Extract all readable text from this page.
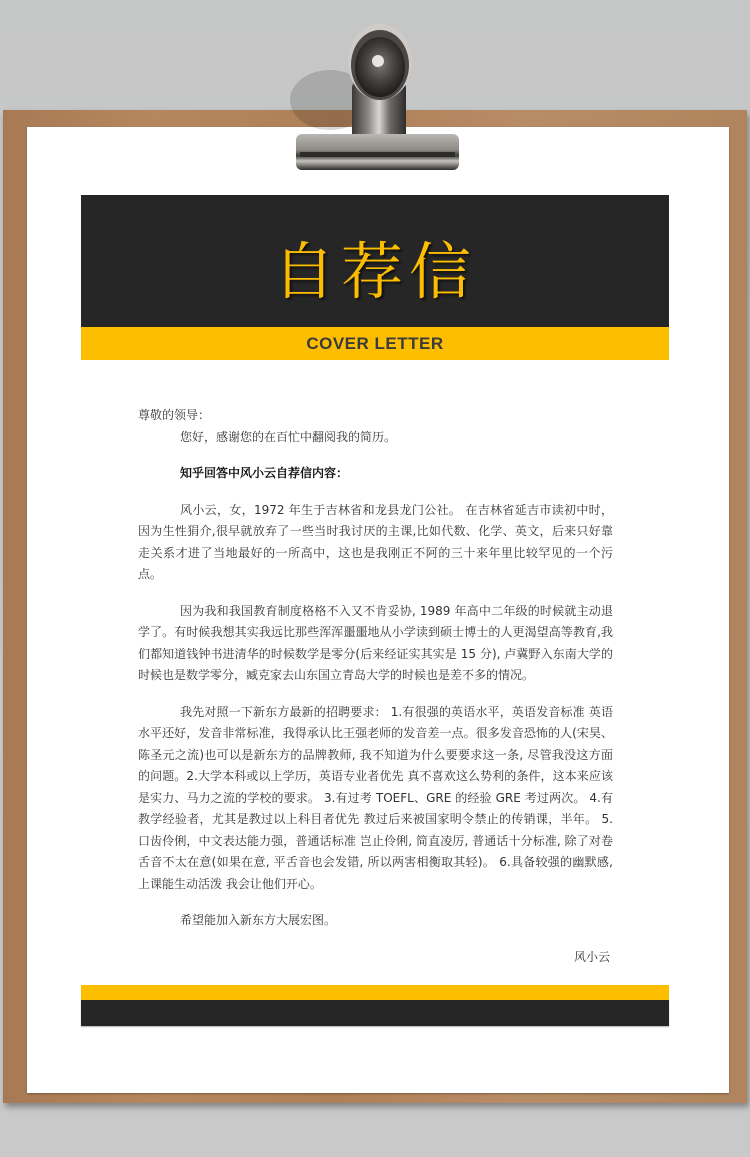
自荐信
COVER LETTER

尊敬的领导：

您好，感谢您的在百忙中翻阅我的简历。

知乎回答中风小云自荐信内容：

风小云，女，1972 年生于吉林省和龙县龙门公社。 在吉林省延吉市读初中时，因为生性狷介,很早就放弃了一些当时我讨厌的主课,比如代数、化学、英文，后来只好靠走关系才进了当地最好的一所高中，这也是我刚正不阿的三十来年里比较罕见的一个污点。

因为我和我国教育制度格格不入又不肯妥协, 1989 年高中二年级的时候就主动退学了。有时候我想其实我远比那些浑浑噩噩地从小学读到硕士博士的人更渴望高等教育,我们都知道钱钟书进清华的时候数学是零分(后来经证实其实是 15 分), 卢冀野入东南大学的时候也是数学零分，臧克家去山东国立青岛大学的时候也是差不多的情况。

我先对照一下新东方最新的招聘要求： 1.有很强的英语水平，英语发音标准 英语水平还好，发音非常标准，我得承认比王强老师的发音差一点。很多发音恐怖的人(宋昊、陈圣元之流)也可以是新东方的品牌教师, 我不知道为什么要要求这一条, 尽管我没这方面的问题。2.大学本科或以上学历，英语专业者优先 真不喜欢这么势利的条件，这本来应该是实力、马力之流的学校的要求。 3.有过考 TOEFL、GRE 的经验 GRE 考过两次。 4.有教学经验者，尤其是教过以上科目者优先 教过后来被国家明令禁止的传销课，半年。 5.口齿伶俐，中文表达能力强，普通话标准 岂止伶俐, 简直凌厉, 普通话十分标准, 除了对卷舌音不太在意(如果在意, 平舌音也会发错, 所以两害相衡取其轻)。 6.具备较强的幽默感, 上课能生动活泼 我会让他们开心。

希望能加入新东方大展宏图。

风小云
